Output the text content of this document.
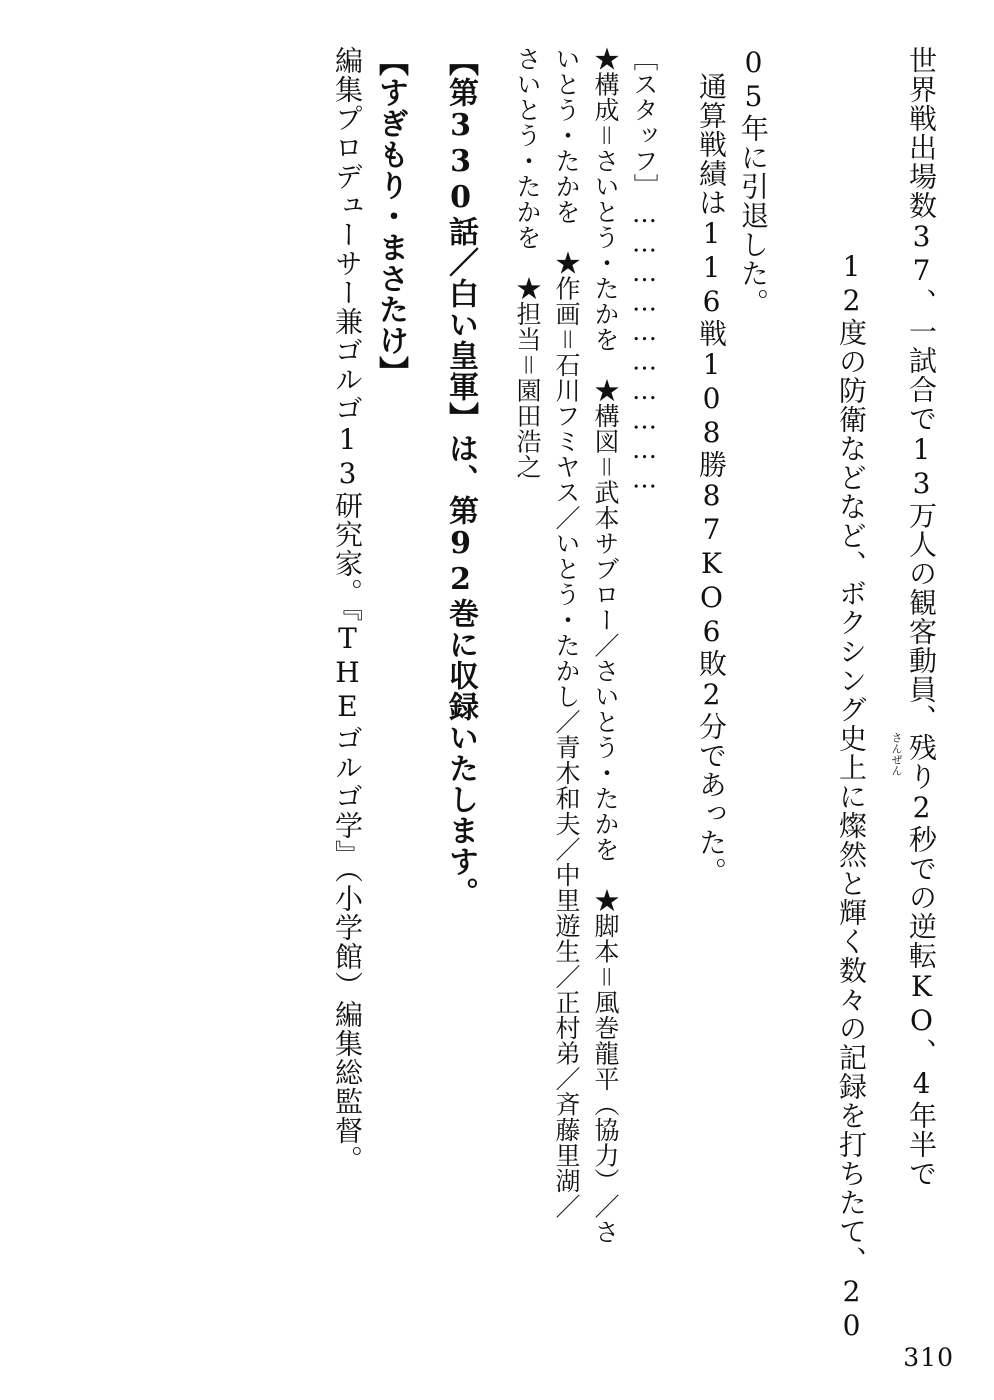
世界戦出場数37、一試合で13万人の観客動員、残り2秒での逆転KO、4年半で

12度の防衛などなど、ボクシング史上に燦然と輝く数々の記録を打ちたて、20
さんぜん

05年に引退した。
通算戦績は116戦108勝87KO6敗2分であった。
［スタッフ］…………………………
★構成＝さいとう・たかを　★構図＝武本サブロー／さいとう・たかを　★脚本＝風巻龍平（協力）／さ
いとう・たかを　★作画＝石川フミヤス／いとう・たかし／青木和夫／中里遊生／正村弟／斉藤里湖／
さいとう・たかを　★担当＝園田浩之
【第330話／白い皇軍】は、第92巻に収録いたします。
【すぎもり・まさたけ】
編集プロデューサー兼ゴルゴ13研究家。『THEゴルゴ学』（小学館）編集総監督。
310
